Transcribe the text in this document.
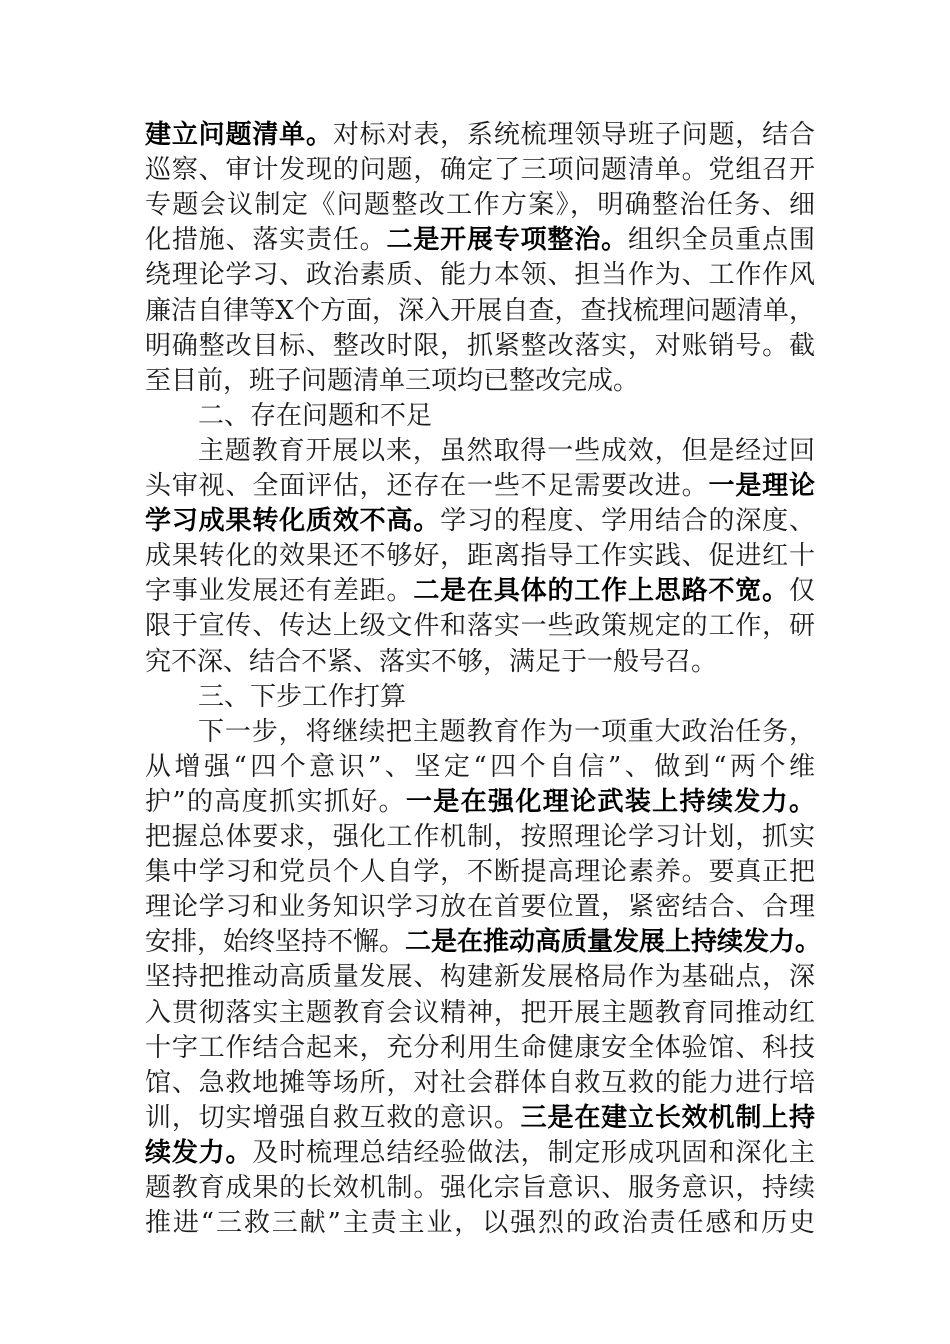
建立问题清单。对标对表，系统梳理领导班子问题，结合
巡察、审计发现的问题，确定了三项问题清单。党组召开
专题会议制定《问题整改工作方案》，明确整治任务、细
化措施、落实责任。二是开展专项整治。组织全员重点围
绕理论学习、政治素质、能力本领、担当作为、工作作风
廉洁自律等X个方面，深入开展自查，查找梳理问题清单，
明确整改目标、整改时限，抓紧整改落实，对账销号。截
至目前，班子问题清单三项均已整改完成。
二、存在问题和不足
主题教育开展以来，虽然取得一些成效，但是经过回
头审视、全面评估，还存在一些不足需要改进。一是理论
学习成果转化质效不高。学习的程度、学用结合的深度、
成果转化的效果还不够好，距离指导工作实践、促进红十
字事业发展还有差距。二是在具体的工作上思路不宽。仅
限于宣传、传达上级文件和落实一些政策规定的工作，研
究不深、结合不紧、落实不够，满足于一般号召。
三、下步工作打算
下一步，将继续把主题教育作为一项重大政治任务，
从增强“四个意识”、坚定“四个自信”、做到“两个维
护”的高度抓实抓好。一是在强化理论武装上持续发力。
把握总体要求，强化工作机制，按照理论学习计划，抓实
集中学习和党员个人自学，不断提高理论素养。要真正把
理论学习和业务知识学习放在首要位置，紧密结合、合理
安排，始终坚持不懈。二是在推动高质量发展上持续发力。
坚持把推动高质量发展、构建新发展格局作为基础点，深
入贯彻落实主题教育会议精神，把开展主题教育同推动红
十字工作结合起来，充分利用生命健康安全体验馆、科技
馆、急救地摊等场所，对社会群体自救互救的能力进行培
训，切实增强自救互救的意识。三是在建立长效机制上持
续发力。及时梳理总结经验做法，制定形成巩固和深化主
题教育成果的长效机制。强化宗旨意识、服务意识，持续
推进“三救三献”主责主业，以强烈的政治责任感和历史
